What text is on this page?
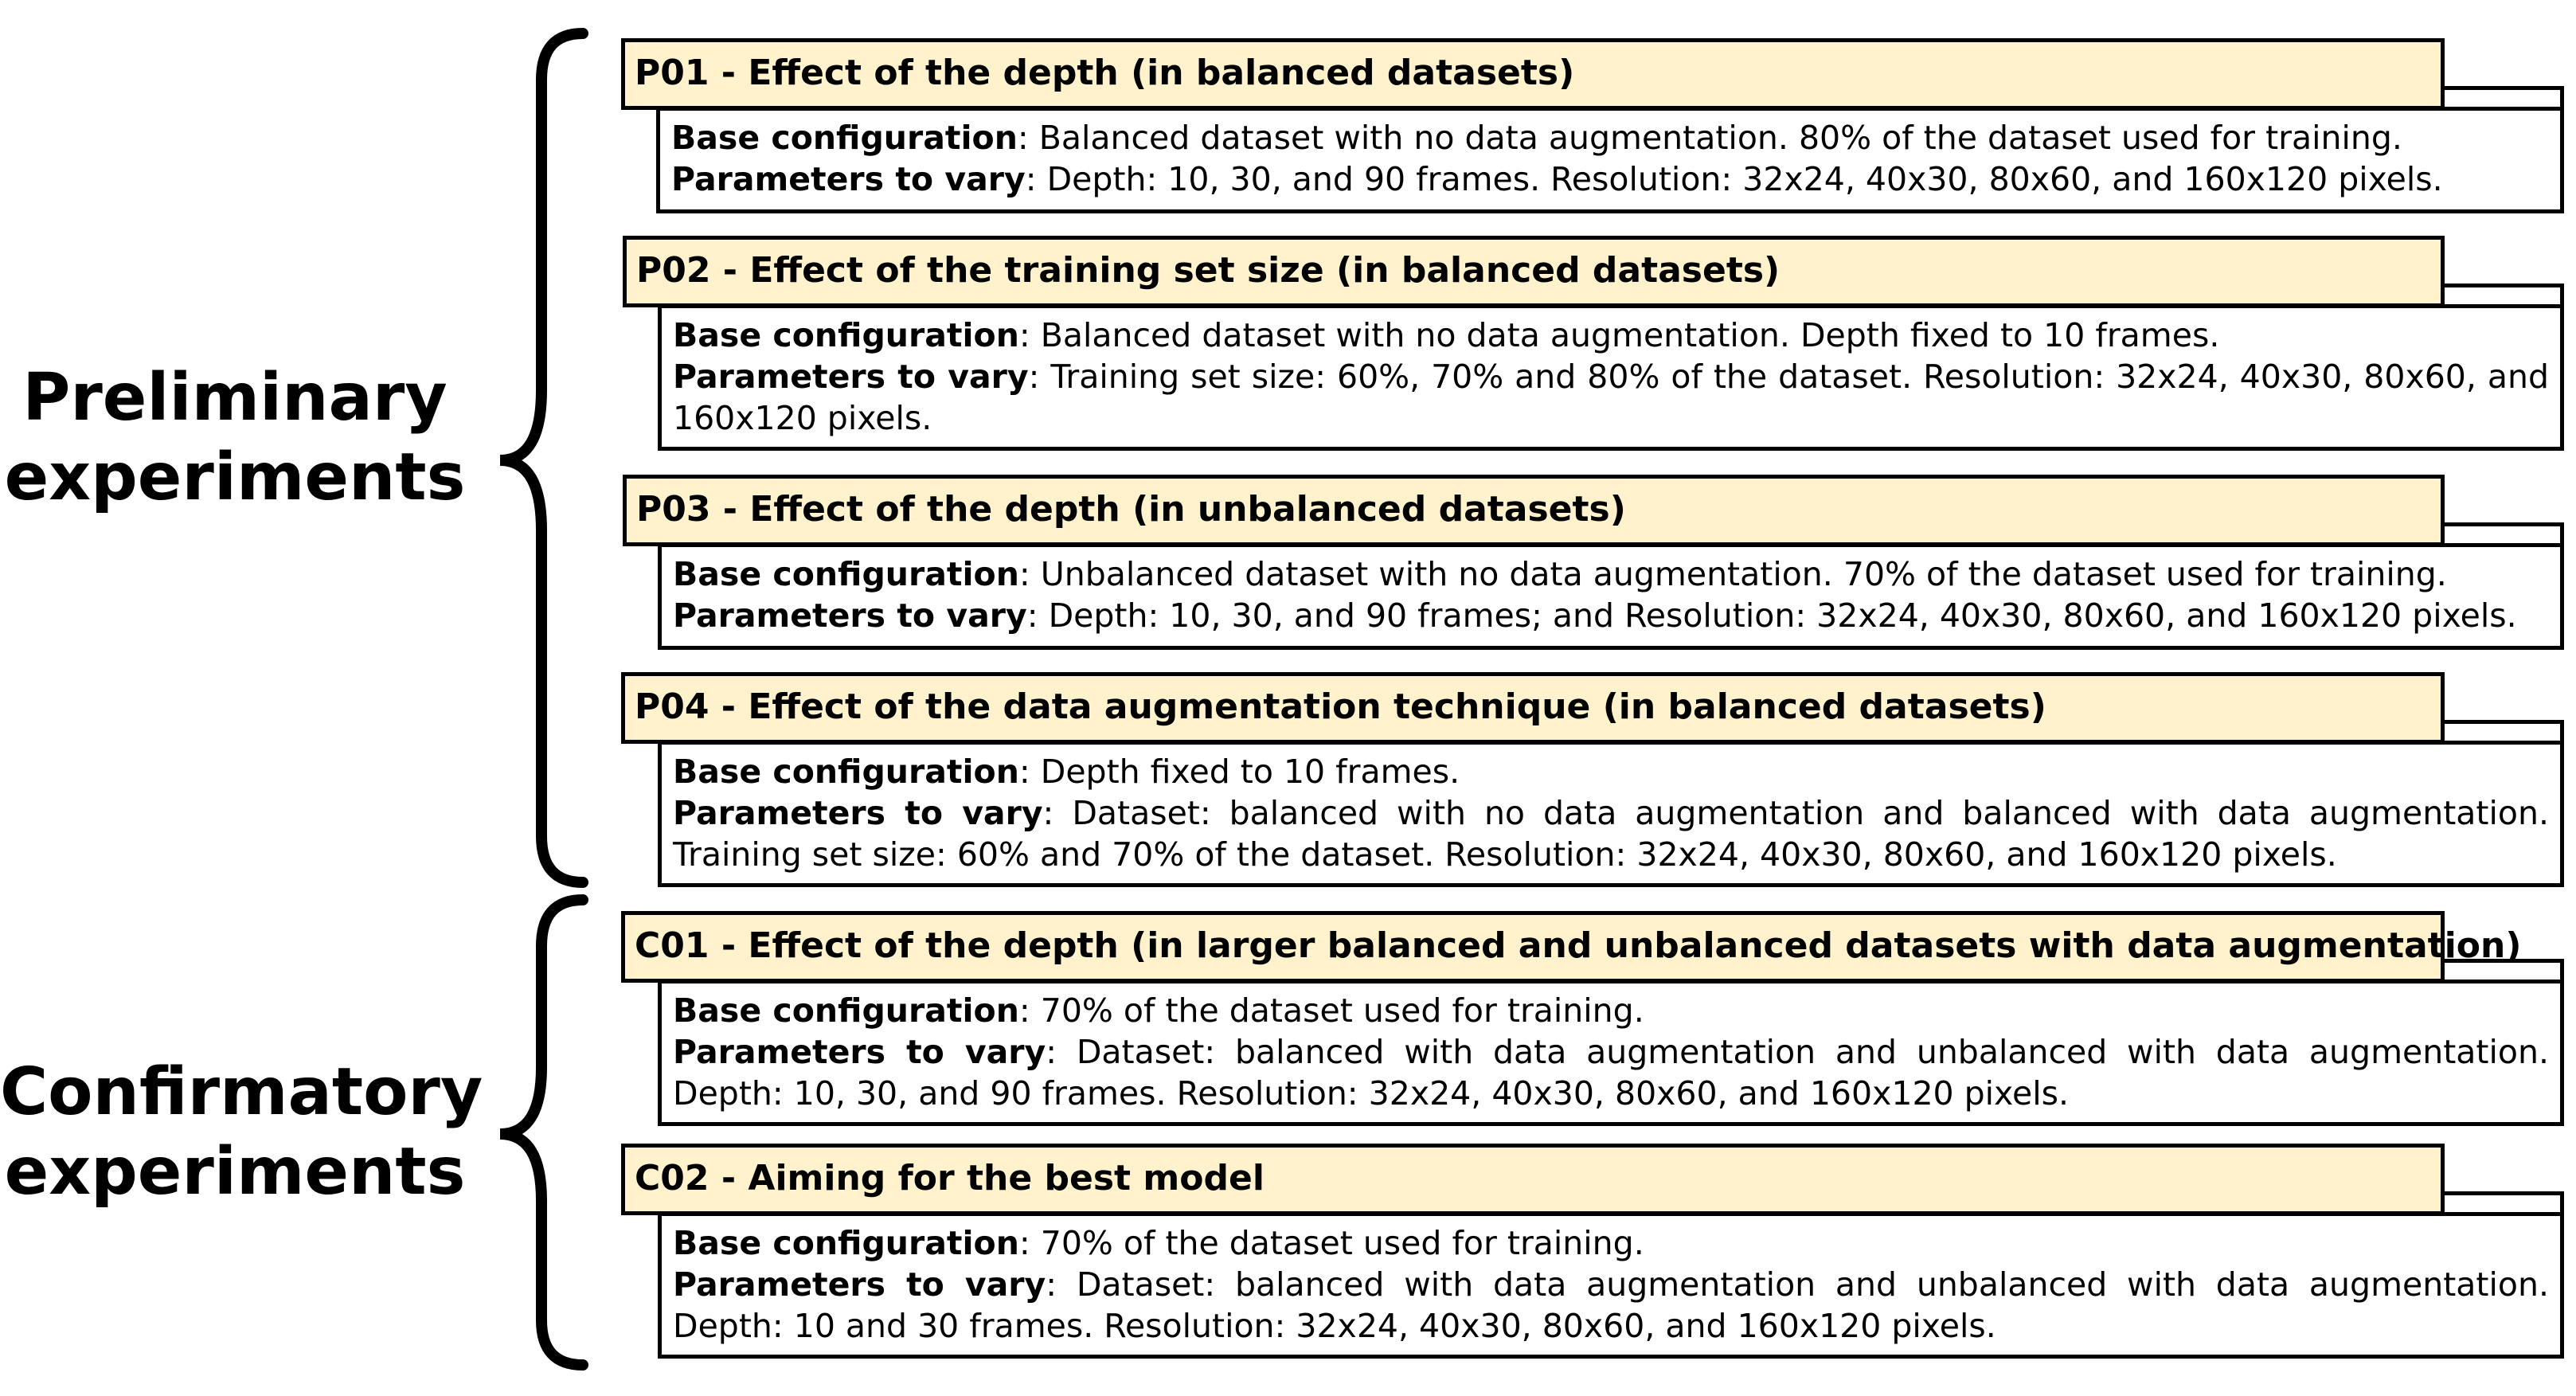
Preliminary
experiments
Confirmatory
experiments
Base configuration: Balanced dataset with no data augmentation. 80% of the dataset used for training.
Parameters to vary: Depth: 10, 30, and 90 frames. Resolution: 32x24, 40x30, 80x60, and 160x120 pixels.
P01 - Effect of the depth (in balanced datasets)
Base configuration: Balanced dataset with no data augmentation. Depth fixed to 10 frames.
Parameters to vary: Training set size: 60%, 70% and 80% of the dataset. Resolution: 32x24, 40x30, 80x60, and 160x120 pixels.
P02 - Effect of the training set size (in balanced datasets)
Base configuration: Unbalanced dataset with no data augmentation. 70% of the dataset used for training.
Parameters to vary: Depth: 10, 30, and 90 frames; and Resolution: 32x24, 40x30, 80x60, and 160x120 pixels.
P03 - Effect of the depth (in unbalanced datasets)
Base configuration: Depth fixed to 10 frames.
Parameters to vary: Dataset: balanced with no data augmentation and balanced with data augmentation. Training set size: 60% and 70% of the dataset. Resolution: 32x24, 40x30, 80x60, and 160x120 pixels.
P04 - Effect of the data augmentation technique (in balanced datasets)
Base configuration: 70% of the dataset used for training.
Parameters to vary: Dataset: balanced with data augmentation and unbalanced with data augmentation. Depth: 10, 30, and 90 frames. Resolution: 32x24, 40x30, 80x60, and 160x120 pixels.
C01 - Effect of the depth (in larger balanced and unbalanced datasets with data augmentation)
Base configuration: 70% of the dataset used for training.
Parameters to vary: Dataset: balanced with data augmentation and unbalanced with data augmentation. Depth: 10 and 30 frames. Resolution: 32x24, 40x30, 80x60, and 160x120 pixels.
C02 - Aiming for the best model
